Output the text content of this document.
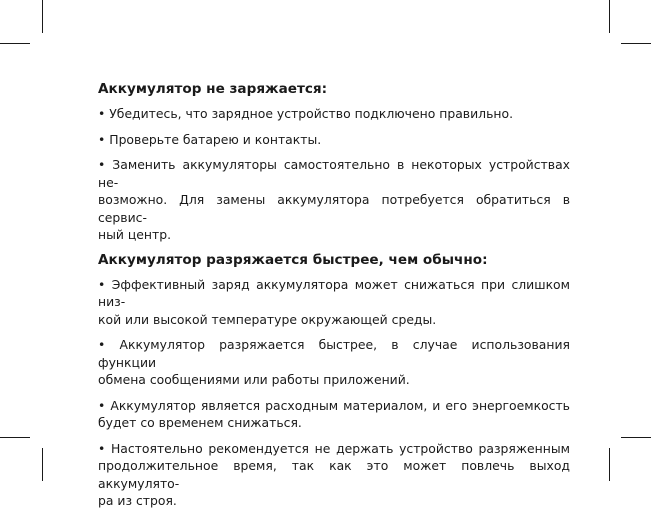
Аккумулятор не заряжается:

• Убедитесь, что зарядное устройство подключено правильно.

• Проверьте батарею и контакты.

• Заменить аккумуляторы самостоятельно в некоторых устройствах не-
возможно. Для замены аккумулятора потребуется обратиться в сервис-
ный центр.

Аккумулятор разряжается быстрее, чем обычно:

• Эффективный заряд аккумулятора может снижаться при слишком низ-
кой или высокой температуре окружающей среды.

• Аккумулятор разряжается быстрее, в случае использования функции
обмена сообщениями или работы приложений.

• Аккумулятор является расходным материалом, и его энергоемкость
будет со временем снижаться.

• Настоятельно рекомендуется не держать устройство разряженным
продолжительное время, так как это может повлечь выход аккумулято-
ра из строя.
